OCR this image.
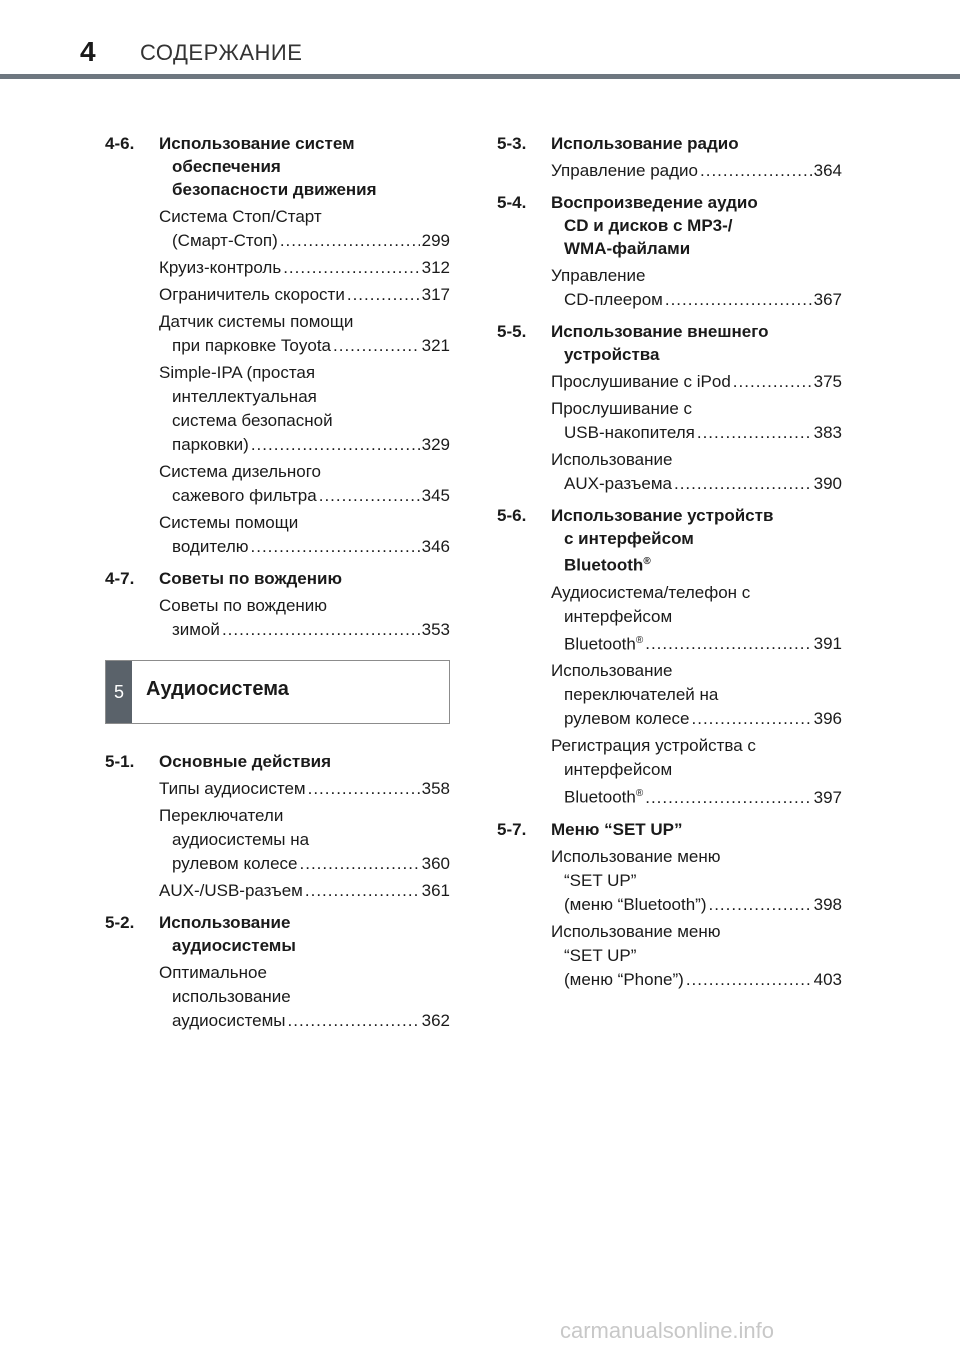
4 СОДЕРЖАНИЕ
4-6.	Использование систем
обеспечения
безопасности движения
Система Стоп/Старт
(Смарт-Стоп) .....	299
Круиз-контроль .....	312
Ограничитель скорости .....	317
Датчик системы помощи
при парковке Toyota .....	321
Simple-IPA (простая
интеллектуальная
система безопасной
парковки) .....	329
Система дизельного
сажевого фильтра .....	345
Системы помощи
водителю .....	346
4-7.	Советы по вождению
Советы по вождению
зимой .....	353
5	Аудиосистема
5-1.	Основные действия
Типы аудиосистем .....	358
Переключатели
аудиосистемы на
рулевом колесе .....	360
AUX-/USB-разъем .....	361
5-2.	Использование
аудиосистемы
Оптимальное
использование
аудиосистемы .....	362
5-3.	Использование радио
Управление радио .....	364
5-4.	Воспроизведение аудио
CD и дисков с MP3-/
WMA-файлами
Управление
CD-плеером .....	367
5-5.	Использование внешнего
устройства
Прослушивание с iPod .....	375
Прослушивание с
USB-накопителя .....	383
Использование
AUX-разъема .....	390
5-6.	Использование устройств
с интерфейсом
Bluetooth®
Аудиосистема/телефон с
интерфейсом
Bluetooth® .....	391
Использование
переключателей на
рулевом колесе .....	396
Регистрация устройства с
интерфейсом
Bluetooth® .....	397
5-7.	Меню “SET UP”
Использование меню
“SET UP”
(меню “Bluetooth”) .....	398
Использование меню
“SET UP”
(меню “Phone”) .....	403
carmanualsonline.info
